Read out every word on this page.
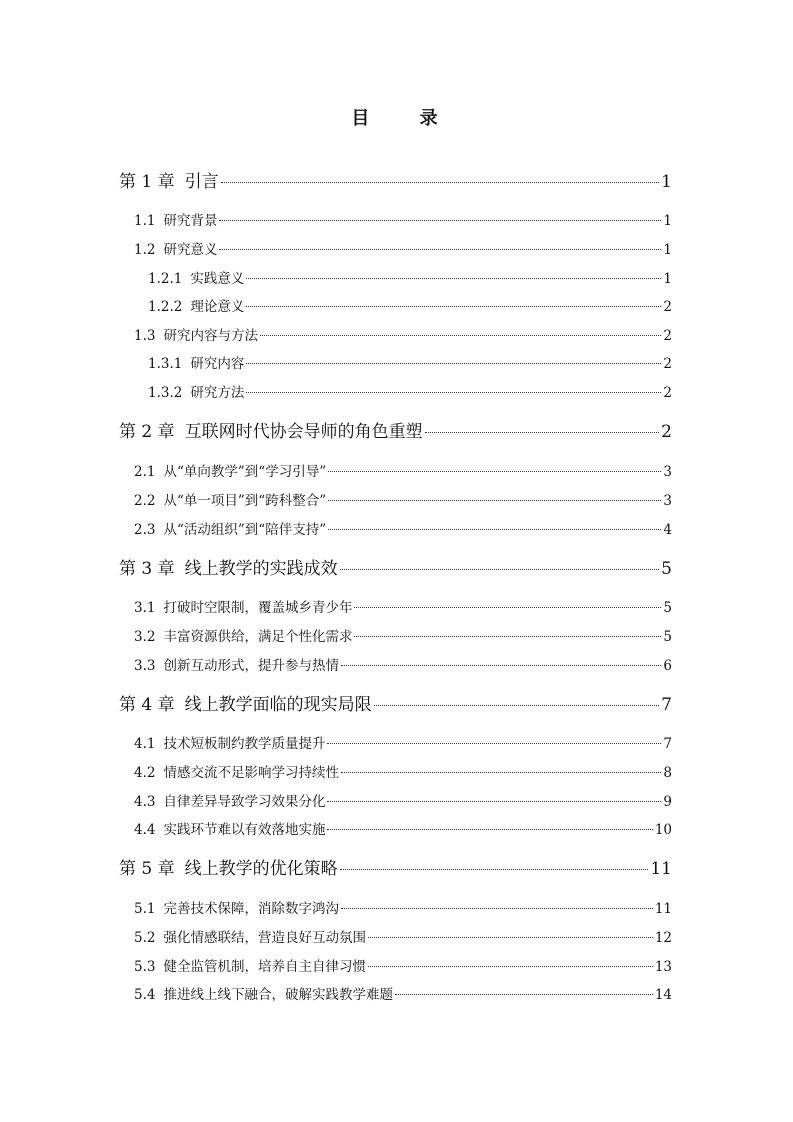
目 录
第 1 章 引言	1
1.1 研究背景	1
1.2 研究意义	1
1.2.1 实践意义	1
1.2.2 理论意义	2
1.3 研究内容与方法	2
1.3.1 研究内容	2
1.3.2 研究方法	2
第 2 章 互联网时代协会导师的角色重塑	2
2.1 从“单向教学”到“学习引导”	3
2.2 从“单一项目”到“跨科整合”	3
2.3 从“活动组织”到“陪伴支持”	4
第 3 章 线上教学的实践成效	5
3.1 打破时空限制，覆盖城乡青少年	5
3.2 丰富资源供给，满足个性化需求	5
3.3 创新互动形式，提升参与热情	6
第 4 章 线上教学面临的现实局限	7
4.1 技术短板制约教学质量提升	7
4.2 情感交流不足影响学习持续性	8
4.3 自律差异导致学习效果分化	9
4.4 实践环节难以有效落地实施	10
第 5 章 线上教学的优化策略	11
5.1 完善技术保障，消除数字鸿沟	11
5.2 强化情感联结，营造良好互动氛围	12
5.3 健全监管机制，培养自主自律习惯	13
5.4 推进线上线下融合，破解实践教学难题	14
